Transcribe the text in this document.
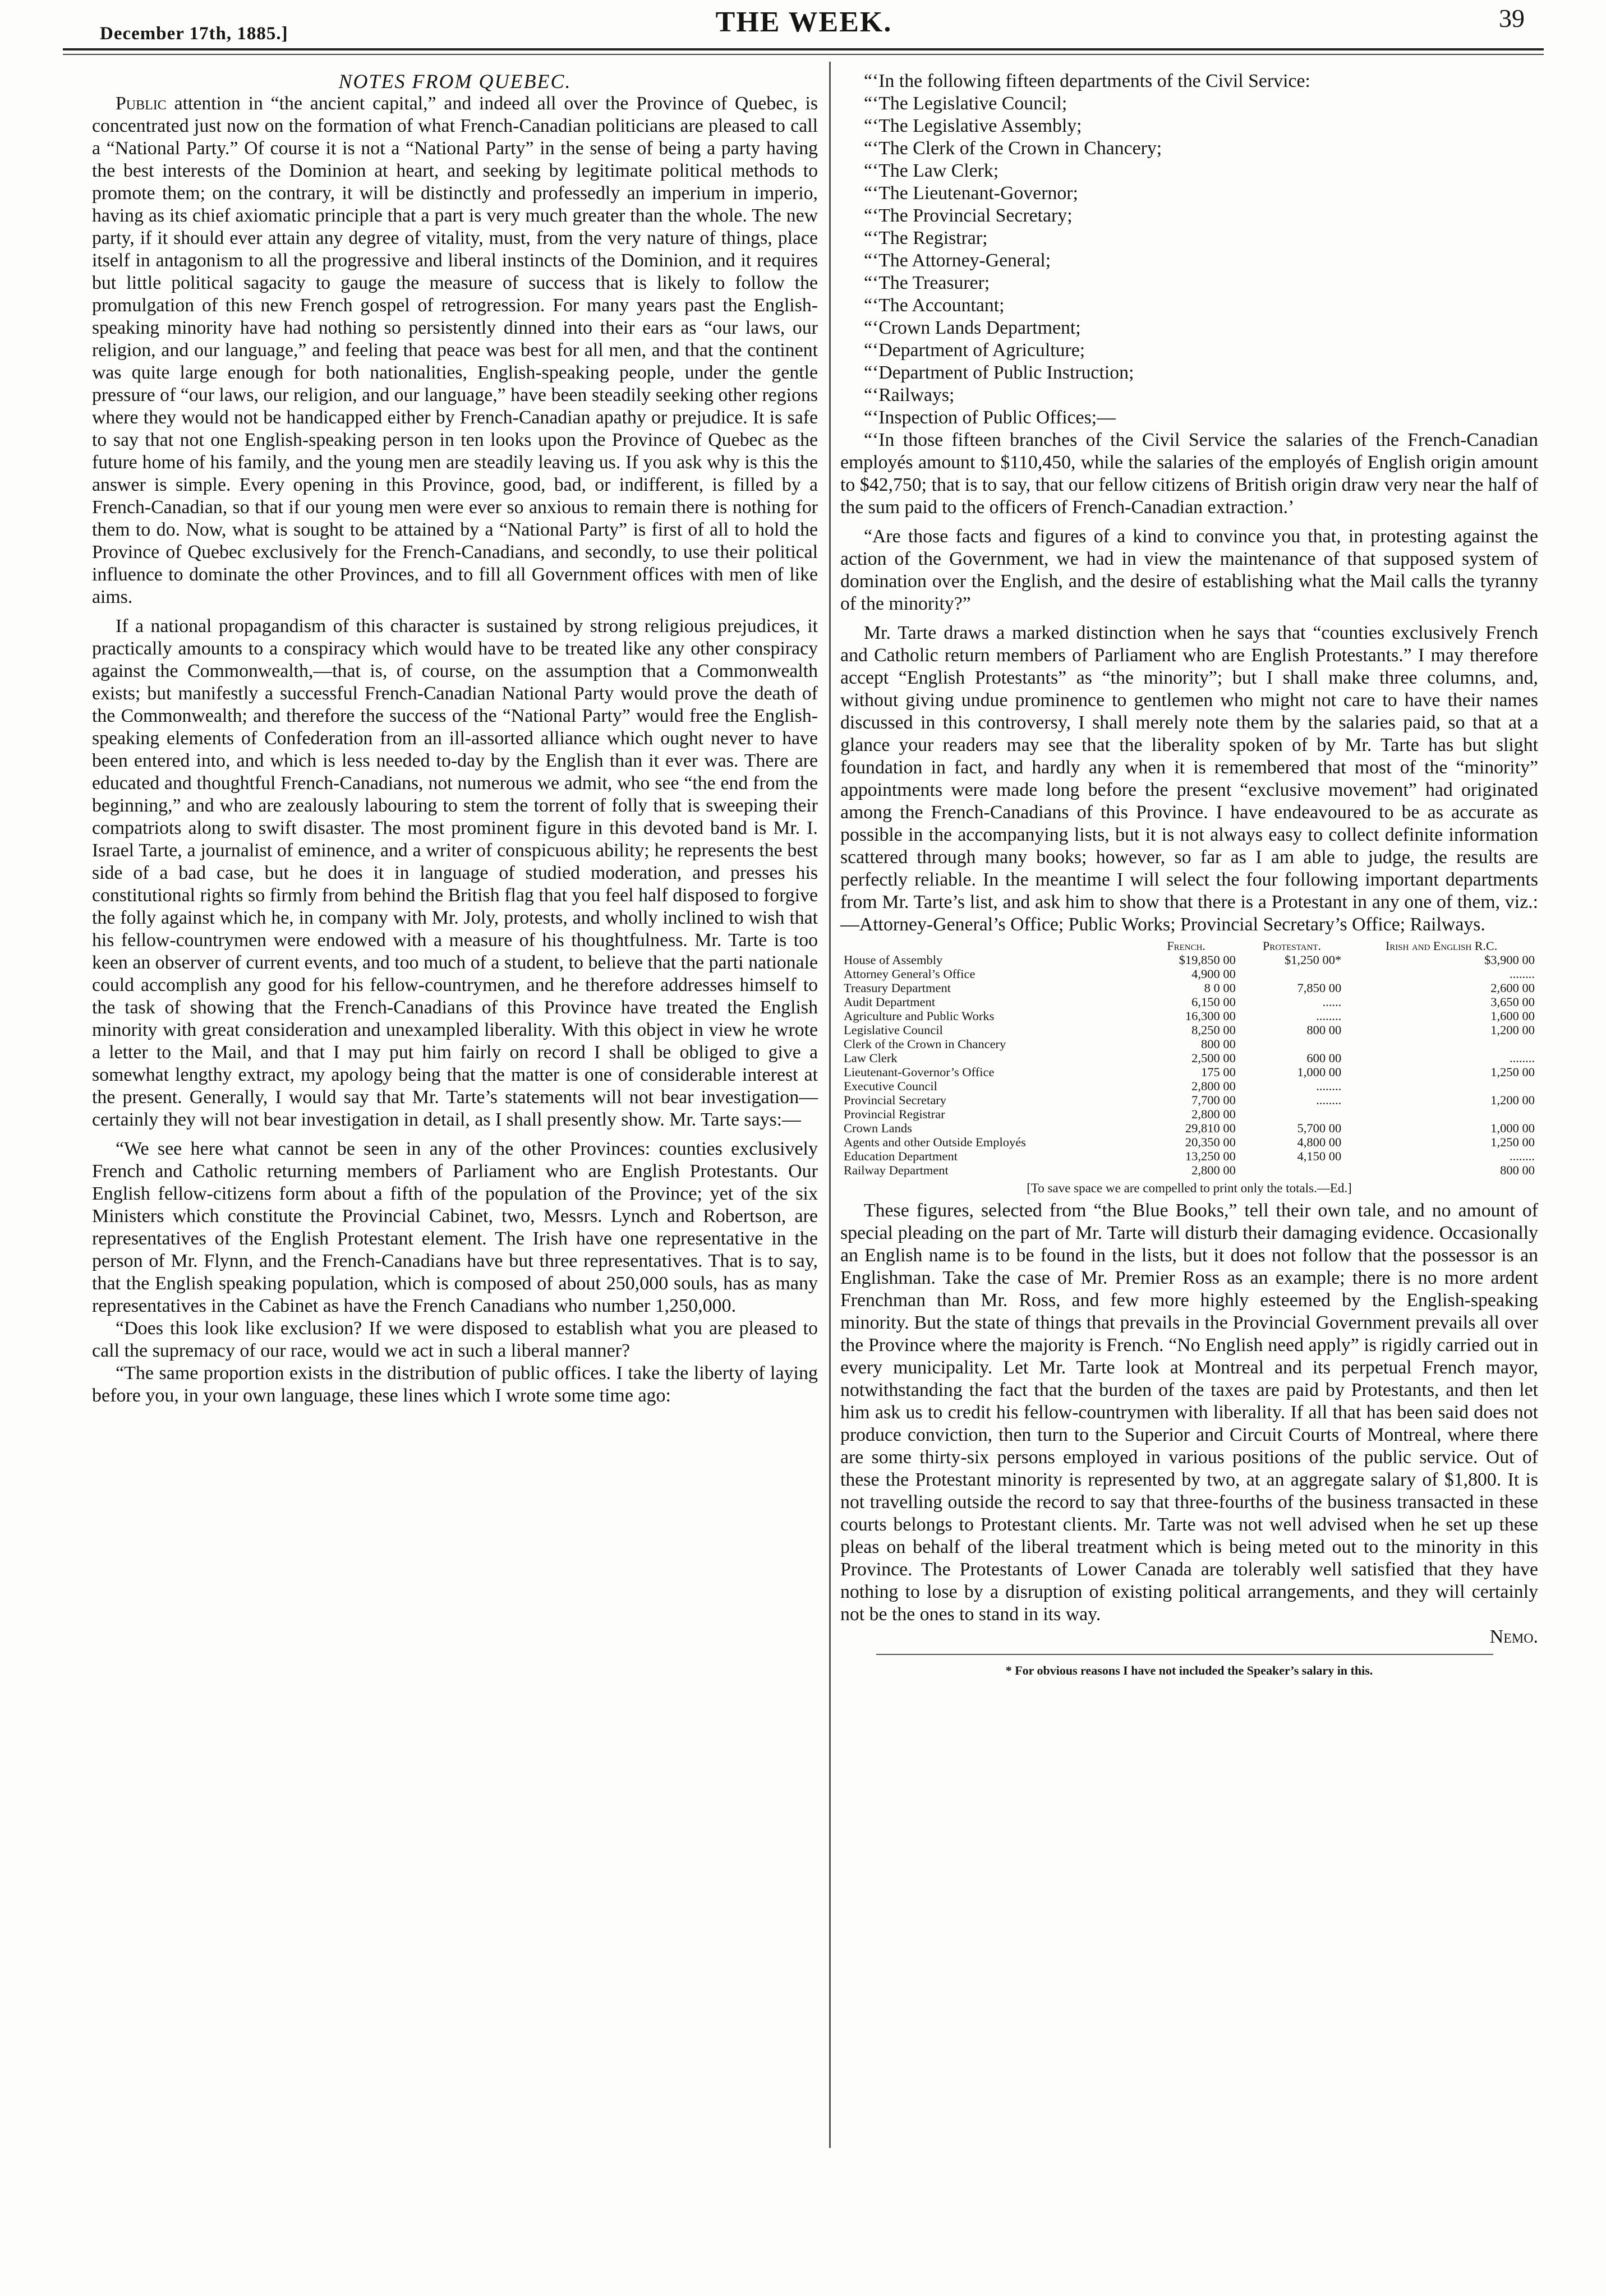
December 17th, 1885.]	THE WEEK.	39

NOTES FROM QUEBEC.

Public attention in “the ancient capital,” and indeed all over the Province of Quebec, is concentrated just now on the formation of what French-Canadian politicians are pleased to call a “National Party.” Of course it is not a “National Party” in the sense of being a party having the best interests of the Dominion at heart, and seeking by legitimate political methods to promote them; on the contrary, it will be distinctly and professedly an imperium in imperio, having as its chief axiomatic principle that a part is very much greater than the whole. The new party, if it should ever attain any degree of vitality, must, from the very nature of things, place itself in antagonism to all the progressive and liberal instincts of the Dominion, and it requires but little political sagacity to gauge the measure of success that is likely to follow the promulgation of this new French gospel of retrogression. For many years past the English-speaking minority have had nothing so persistently dinned into their ears as “our laws, our religion, and our language,” and feeling that peace was best for all men, and that the continent was quite large enough for both nationalities, English-speaking people, under the gentle pressure of “our laws, our religion, and our language,” have been steadily seeking other regions where they would not be handicapped either by French-Canadian apathy or prejudice. It is safe to say that not one English-speaking person in ten looks upon the Province of Quebec as the future home of his family, and the young men are steadily leaving us. If you ask why is this the answer is simple. Every opening in this Province, good, bad, or indifferent, is filled by a French-Canadian, so that if our young men were ever so anxious to remain there is nothing for them to do. Now, what is sought to be attained by a “National Party” is first of all to hold the Province of Quebec exclusively for the French-Canadians, and secondly, to use their political influence to dominate the other Provinces, and to fill all Government offices with men of like aims.

If a national propagandism of this character is sustained by strong religious prejudices, it practically amounts to a conspiracy which would have to be treated like any other conspiracy against the Commonwealth,—that is, of course, on the assumption that a Commonwealth exists; but manifestly a successful French-Canadian National Party would prove the death of the Commonwealth; and therefore the success of the “National Party” would free the English-speaking elements of Confederation from an ill-assorted alliance which ought never to have been entered into, and which is less needed to-day by the English than it ever was. There are educated and thoughtful French-Canadians, not numerous we admit, who see “the end from the beginning,” and who are zealously labouring to stem the torrent of folly that is sweeping their compatriots along to swift disaster. The most prominent figure in this devoted band is Mr. I. Israel Tarte, a journalist of eminence, and a writer of conspicuous ability; he represents the best side of a bad case, but he does it in language of studied moderation, and presses his constitutional rights so firmly from behind the British flag that you feel half disposed to forgive the folly against which he, in company with Mr. Joly, protests, and wholly inclined to wish that his fellow-countrymen were endowed with a measure of his thoughtfulness. Mr. Tarte is too keen an observer of current events, and too much of a student, to believe that the parti nationale could accomplish any good for his fellow-countrymen, and he therefore addresses himself to the task of showing that the French-Canadians of this Province have treated the English minority with great consideration and unexampled liberality. With this object in view he wrote a letter to the Mail, and that I may put him fairly on record I shall be obliged to give a somewhat lengthy extract, my apology being that the matter is one of considerable interest at the present. Generally, I would say that Mr. Tarte’s statements will not bear investigation—certainly they will not bear investigation in detail, as I shall presently show. Mr. Tarte says:—

“We see here what cannot be seen in any of the other Provinces: counties exclusively French and Catholic returning members of Parliament who are English Protestants. Our English fellow-citizens form about a fifth of the population of the Province; yet of the six Ministers which constitute the Provincial Cabinet, two, Messrs. Lynch and Robertson, are representatives of the English Protestant element. The Irish have one representative in the person of Mr. Flynn, and the French-Canadians have but three representatives. That is to say, that the English speaking population, which is composed of about 250,000 souls, has as many representatives in the Cabinet as have the French Canadians who number 1,250,000.

“Does this look like exclusion? If we were disposed to establish what you are pleased to call the supremacy of our race, would we act in such a liberal manner?

“The same proportion exists in the distribution of public offices. I take the liberty of laying before you, in your own language, these lines which I wrote some time ago:

“‘In the following fifteen departments of the Civil Service:

“‘The Legislative Council;

“‘The Legislative Assembly;

“‘The Clerk of the Crown in Chancery;

“‘The Law Clerk;

“‘The Lieutenant-Governor;

“‘The Provincial Secretary;

“‘The Registrar;

“‘The Attorney-General;

“‘The Treasurer;

“‘The Accountant;

“‘Crown Lands Department;

“‘Department of Agriculture;

“‘Department of Public Instruction;

“‘Railways;

“‘Inspection of Public Offices;—

“‘In those fifteen branches of the Civil Service the salaries of the French-Canadian employés amount to $110,450, while the salaries of the employés of English origin amount to $42,750; that is to say, that our fellow citizens of British origin draw very near the half of the sum paid to the officers of French-Canadian extraction.’

“Are those facts and figures of a kind to convince you that, in protesting against the action of the Government, we had in view the maintenance of that supposed system of domination over the English, and the desire of establishing what the Mail calls the tyranny of the minority?”

Mr. Tarte draws a marked distinction when he says that “counties exclusively French and Catholic return members of Parliament who are English Protestants.” I may therefore accept “English Protestants” as “the minority”; but I shall make three columns, and, without giving undue prominence to gentlemen who might not care to have their names discussed in this controversy, I shall merely note them by the salaries paid, so that at a glance your readers may see that the liberality spoken of by Mr. Tarte has but slight foundation in fact, and hardly any when it is remembered that most of the “minority” appointments were made long before the present “exclusive movement” had originated among the French-Canadians of this Province. I have endeavoured to be as accurate as possible in the accompanying lists, but it is not always easy to collect definite information scattered through many books; however, so far as I am able to judge, the results are perfectly reliable. In the meantime I will select the four following important departments from Mr. Tarte’s list, and ask him to show that there is a Protestant in any one of them, viz.:—Attorney-General’s Office; Public Works; Provincial Secretary’s Office; Railways.

	French.	Protestant.	Irish and English R.C.
House of Assembly	$19,850 00	$1,250 00*	$3,900 00
Attorney General’s Office	4,900 00		........
Treasury Department	8 0 00	7,850 00	2,600 00
Audit Department	6,150 00	......	3,650 00
Agriculture and Public Works	16,300 00	........	1,600 00
Legislative Council	8,250 00	800 00	1,200 00
Clerk of the Crown in Chancery	800 00		
Law Clerk	2,500 00	600 00	........
Lieutenant-Governor’s Office	175 00	1,000 00	1,250 00
Executive Council	2,800 00	........	
Provincial Secretary	7,700 00	........	1,200 00
Provincial Registrar	2,800 00		
Crown Lands	29,810 00	5,700 00	1,000 00
Agents and other Outside Employés	20,350 00	4,800 00	1,250 00
Education Department	13,250 00	4,150 00	........
Railway Department	2,800 00		800 00

[To save space we are compelled to print only the totals.—Ed.]

These figures, selected from “the Blue Books,” tell their own tale, and no amount of special pleading on the part of Mr. Tarte will disturb their damaging evidence. Occasionally an English name is to be found in the lists, but it does not follow that the possessor is an Englishman. Take the case of Mr. Premier Ross as an example; there is no more ardent Frenchman than Mr. Ross, and few more highly esteemed by the English-speaking minority. But the state of things that prevails in the Provincial Government prevails all over the Province where the majority is French. “No English need apply” is rigidly carried out in every municipality. Let Mr. Tarte look at Montreal and its perpetual French mayor, notwithstanding the fact that the burden of the taxes are paid by Protestants, and then let him ask us to credit his fellow-countrymen with liberality. If all that has been said does not produce conviction, then turn to the Superior and Circuit Courts of Montreal, where there are some thirty-six persons employed in various positions of the public service. Out of these the Protestant minority is represented by two, at an aggregate salary of $1,800. It is not travelling outside the record to say that three-fourths of the business transacted in these courts belongs to Protestant clients. Mr. Tarte was not well advised when he set up these pleas on behalf of the liberal treatment which is being meted out to the minority in this Province. The Protestants of Lower Canada are tolerably well satisfied that they have nothing to lose by a disruption of existing political arrangements, and they will certainly not be the ones to stand in its way.

Nemo.

* For obvious reasons I have not included the Speaker’s salary in this.
